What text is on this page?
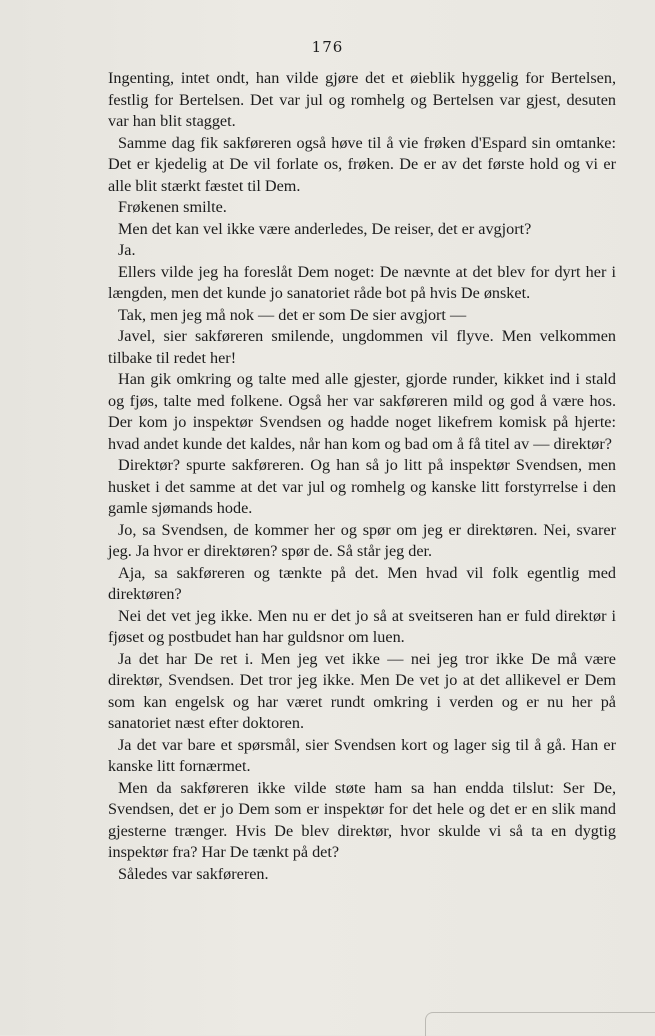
176

Ingenting, intet ondt, han vilde gjøre det et øieblik hyggelig for Bertelsen, festlig for Bertelsen. Det var jul og romhelg og Bertelsen var gjest, desuten var han blit stagget.

Samme dag fik sakføreren også høve til å vie frøken d'Espard sin omtanke: Det er kjedelig at De vil forlate os, frøken. De er av det første hold og vi er alle blit stærkt fæstet til Dem.

Frøkenen smilte.

Men det kan vel ikke være anderledes, De reiser, det er avgjort?

Ja.

Ellers vilde jeg ha foreslåt Dem noget: De nævnte at det blev for dyrt her i længden, men det kunde jo sanatoriet råde bot på hvis De ønsket.

Tak, men jeg må nok — det er som De sier avgjort —

Javel, sier sakføreren smilende, ungdommen vil flyve. Men velkommen tilbake til redet her!

Han gik omkring og talte med alle gjester, gjorde runder, kikket ind i stald og fjøs, talte med folkene. Også her var sakføreren mild og god å være hos. Der kom jo inspektør Svendsen og hadde noget likefrem komisk på hjerte: hvad andet kunde det kaldes, når han kom og bad om å få titel av — direktør?

Direktør? spurte sakføreren. Og han så jo litt på inspektør Svendsen, men husket i det samme at det var jul og romhelg og kanske litt forstyrrelse i den gamle sjømands hode.

Jo, sa Svendsen, de kommer her og spør om jeg er direktøren. Nei, svarer jeg. Ja hvor er direktøren? spør de. Så står jeg der.

Aja, sa sakføreren og tænkte på det. Men hvad vil folk egentlig med direktøren?

Nei det vet jeg ikke. Men nu er det jo så at sveitseren han er fuld direktør i fjøset og postbudet han har guldsnor om luen.

Ja det har De ret i. Men jeg vet ikke — nei jeg tror ikke De må være direktør, Svendsen. Det tror jeg ikke. Men De vet jo at det allikevel er Dem som kan engelsk og har været rundt omkring i verden og er nu her på sanatoriet næst efter doktoren.

Ja det var bare et spørsmål, sier Svendsen kort og lager sig til å gå. Han er kanske litt fornærmet.

Men da sakføreren ikke vilde støte ham sa han endda tilslut: Ser De, Svendsen, det er jo Dem som er inspektør for det hele og det er en slik mand gjesterne trænger. Hvis De blev direktør, hvor skulde vi så ta en dygtig inspektør fra? Har De tænkt på det?

Således var sakføreren.
